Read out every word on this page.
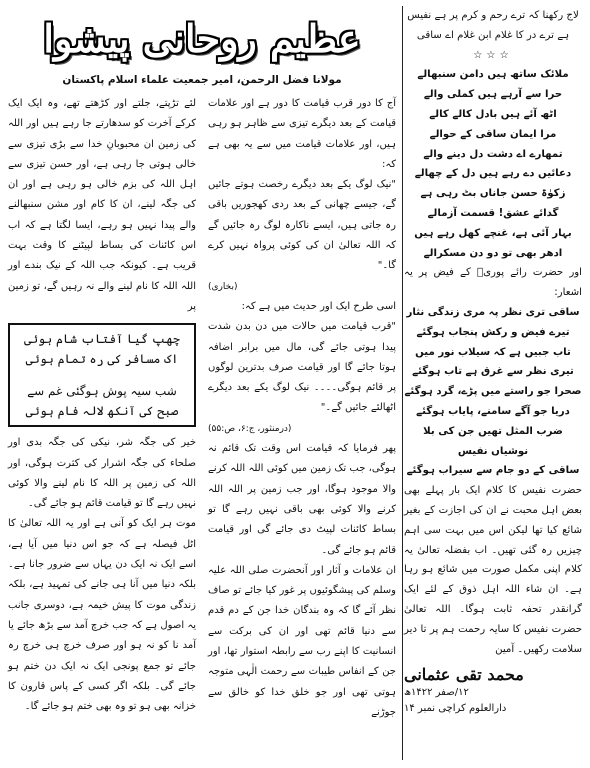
لاج رکھنا کہ ترے رحم و کرم پر ہے نفیس ہے ترے در کا غلام ابن غلام اے ساقی

☆☆☆

ملائک ساتھ ہیں دامن سنبھالے

حرا سے آرہے ہیں کملی والے

اٹھ آئے ہیں بادل کالے کالے

مرا ایمان ساقی کے حوالے

تمھارے اے دشت دل دینے والے

دعائیں دے رہے ہیں دل کے چھالے

زکوٰۃ حسن جاناں بٹ رہی ہے

گدائے عشق! قسمت آزمالے

بہار آئی ہے، غنچے کھل رہے ہیں

ادھر بھی تو دو دن مسکرالے

اور حضرت رائے پوریؒ کے فیض پر یہ اشعار:

ساقی تری نظر پہ مری زندگی نثار

تیرے فیض و رکش پنجاب ہوگئے

تاب جبیں ہے کہ سیلاب نور میں

تیری نظر سے غرق ہے تاب ہوگئے

صحرا جو راستے میں پڑے، گرد ہوگئے

دریا جو آگے سامنے، پایاب ہوگئے

ضرب المثل تھیں جن کی بلا نوشیاں نفیس

ساقی کے دو جام سے سیراب ہوگئے

حضرت نفیس کا کلام ایک بار پہلے بھی بعض اہل محبت نے ان کی اجازت کے بغیر شائع کیا تھا لیکن اس میں بہت سی اہم چیزیں رہ گئی تھیں۔ اب بفضلہ تعالیٰ یہ کلام اپنی مکمل صورت میں شائع ہو رہا ہے۔ ان شاء اللہ اہل ذوق کے لئے ایک گرانقدر تحفہ ثابت ہوگا۔ اللہ تعالیٰ حضرت نفیس کا سایہ رحمت ہم پر تا دیر سلامت رکھیں۔ آمین

محمد تقی عثمانی
۱۲/صفر ۱۴۲۲ھ
دارالعلوم کراچی نمبر ۱۴
عظیم روحانی پیشوا
مولانا فضل الرحمن، امیر جمعیت علماء اسلام پاکستان

آج کا دور قرب قیامت کا دور ہے اور علامات قیامت کے بعد دیگرے تیزی سے ظاہر ہو رہی ہیں، اور علامات قیامت میں سے یہ بھی ہے کہ:

"نیک لوگ یکے بعد دیگرے رخصت ہوتے جائیں گے، جیسے چھانی کے بعد ردی کھجوریں باقی رہ جاتی ہیں، ایسے ناکارہ لوگ رہ جائیں گے کہ اللہ تعالیٰ ان کی کوئی پرواہ نہیں کرے گا۔"

(بخاری)

اسی طرح ایک اور حدیث میں ہے کہ:

"قرب قیامت میں حالات میں دن بدن شدت پیدا ہوتی جائے گی، مال میں برابر اضافہ ہوتا جائے گا اور قیامت صرف بدترین لوگوں پر قائم ہوگی۔۔۔۔ نیک لوگ یکے بعد دیگرے اٹھالئے جائیں گے۔"

(درمنثور، ج:۶، ص:۵۵)

پھر فرمایا کہ قیامت اس وقت تک قائم نہ ہوگی، جب تک زمین میں کوئی اللہ اللہ کرنے والا موجود ہوگا، اور جب زمین پر اللہ اللہ کرنے والا کوئی بھی باقی نہیں رہے گا تو بساط کائنات لپیٹ دی جائے گی اور قیامت قائم ہو جائے گی۔

ان علامات و آثار اور آنحضرت صلی اللہ علیہ وسلم کی پیشگوئیوں پر غور کیا جائے تو صاف نظر آئے گا کہ وہ بندگان خدا جن کے دم قدم سے دنیا قائم تھی اور ان کی برکت سے انسانیت کا اپنے رب سے رابطہ استوار تھا، اور جن کے انفاس طیبات سے رحمت الٰہی متوجہ ہوتی تھی اور جو خلق خدا کو خالق سے جوڑنے

لئے تڑپتے، جلتے اور کڑھتے تھے، وہ ایک ایک کرکے آخرت کو سدھارتے جا رہے ہیں اور اللہ کی زمین ان محبوبانِ خدا سے بڑی تیزی سے خالی ہوتی جا رہی ہے، اور حسن تیزی سے اہل اللہ کی بزم خالی ہو رہی ہے اور ان کی جگہ لینے، ان کا کام اور مشن سنبھالنے والے پیدا نہیں ہو رہے، ایسا لگتا ہے کہ اب اس کائنات کی بساط لپیٹنے کا وقت بہت قریب ہے۔ کیونکہ جب اللہ کے نیک بندے اور اللہ اللہ کا نام لینے والے نہ رہیں گے، تو زمین پر

چھپ گیا آفتاب شام ہوئی

اک مسافر کی رہ تمام ہوئی

شب سیہ پوش ہوگئی غم سے

صبح کی آنکھ لالہ فام ہوئی

خیر کی جگہ شر، نیکی کی جگہ بدی اور صلحاء کی جگہ اشرار کی کثرت ہوگی، اور اللہ کی زمین پر اللہ کا نام لینے والا کوئی نہیں رہے گا تو قیامت قائم ہو جائے گی۔

موت ہر ایک کو آنی ہے اور یہ اللہ تعالیٰ کا اٹل فیصلہ ہے کہ جو اس دنیا میں آیا ہے، اسے ایک نہ ایک دن یہاں سے ضرور جانا ہے۔ بلکہ دنیا میں آنا ہی جانے کی تمہید ہے، بلکہ زندگی موت کا پیش خیمہ ہے، دوسری جانب یہ اصول ہے کہ جب خرچ آمد سے بڑھ جائے یا آمد نا کو نہ ہو اور صرف خرچ ہی خرچ رہ جائے تو جمع پونجی ایک نہ ایک دن ختم ہو جائے گی۔ بلکہ اگر کسی کے پاس قارون کا خزانہ بھی ہو تو وہ بھی ختم ہو جائے گا۔
